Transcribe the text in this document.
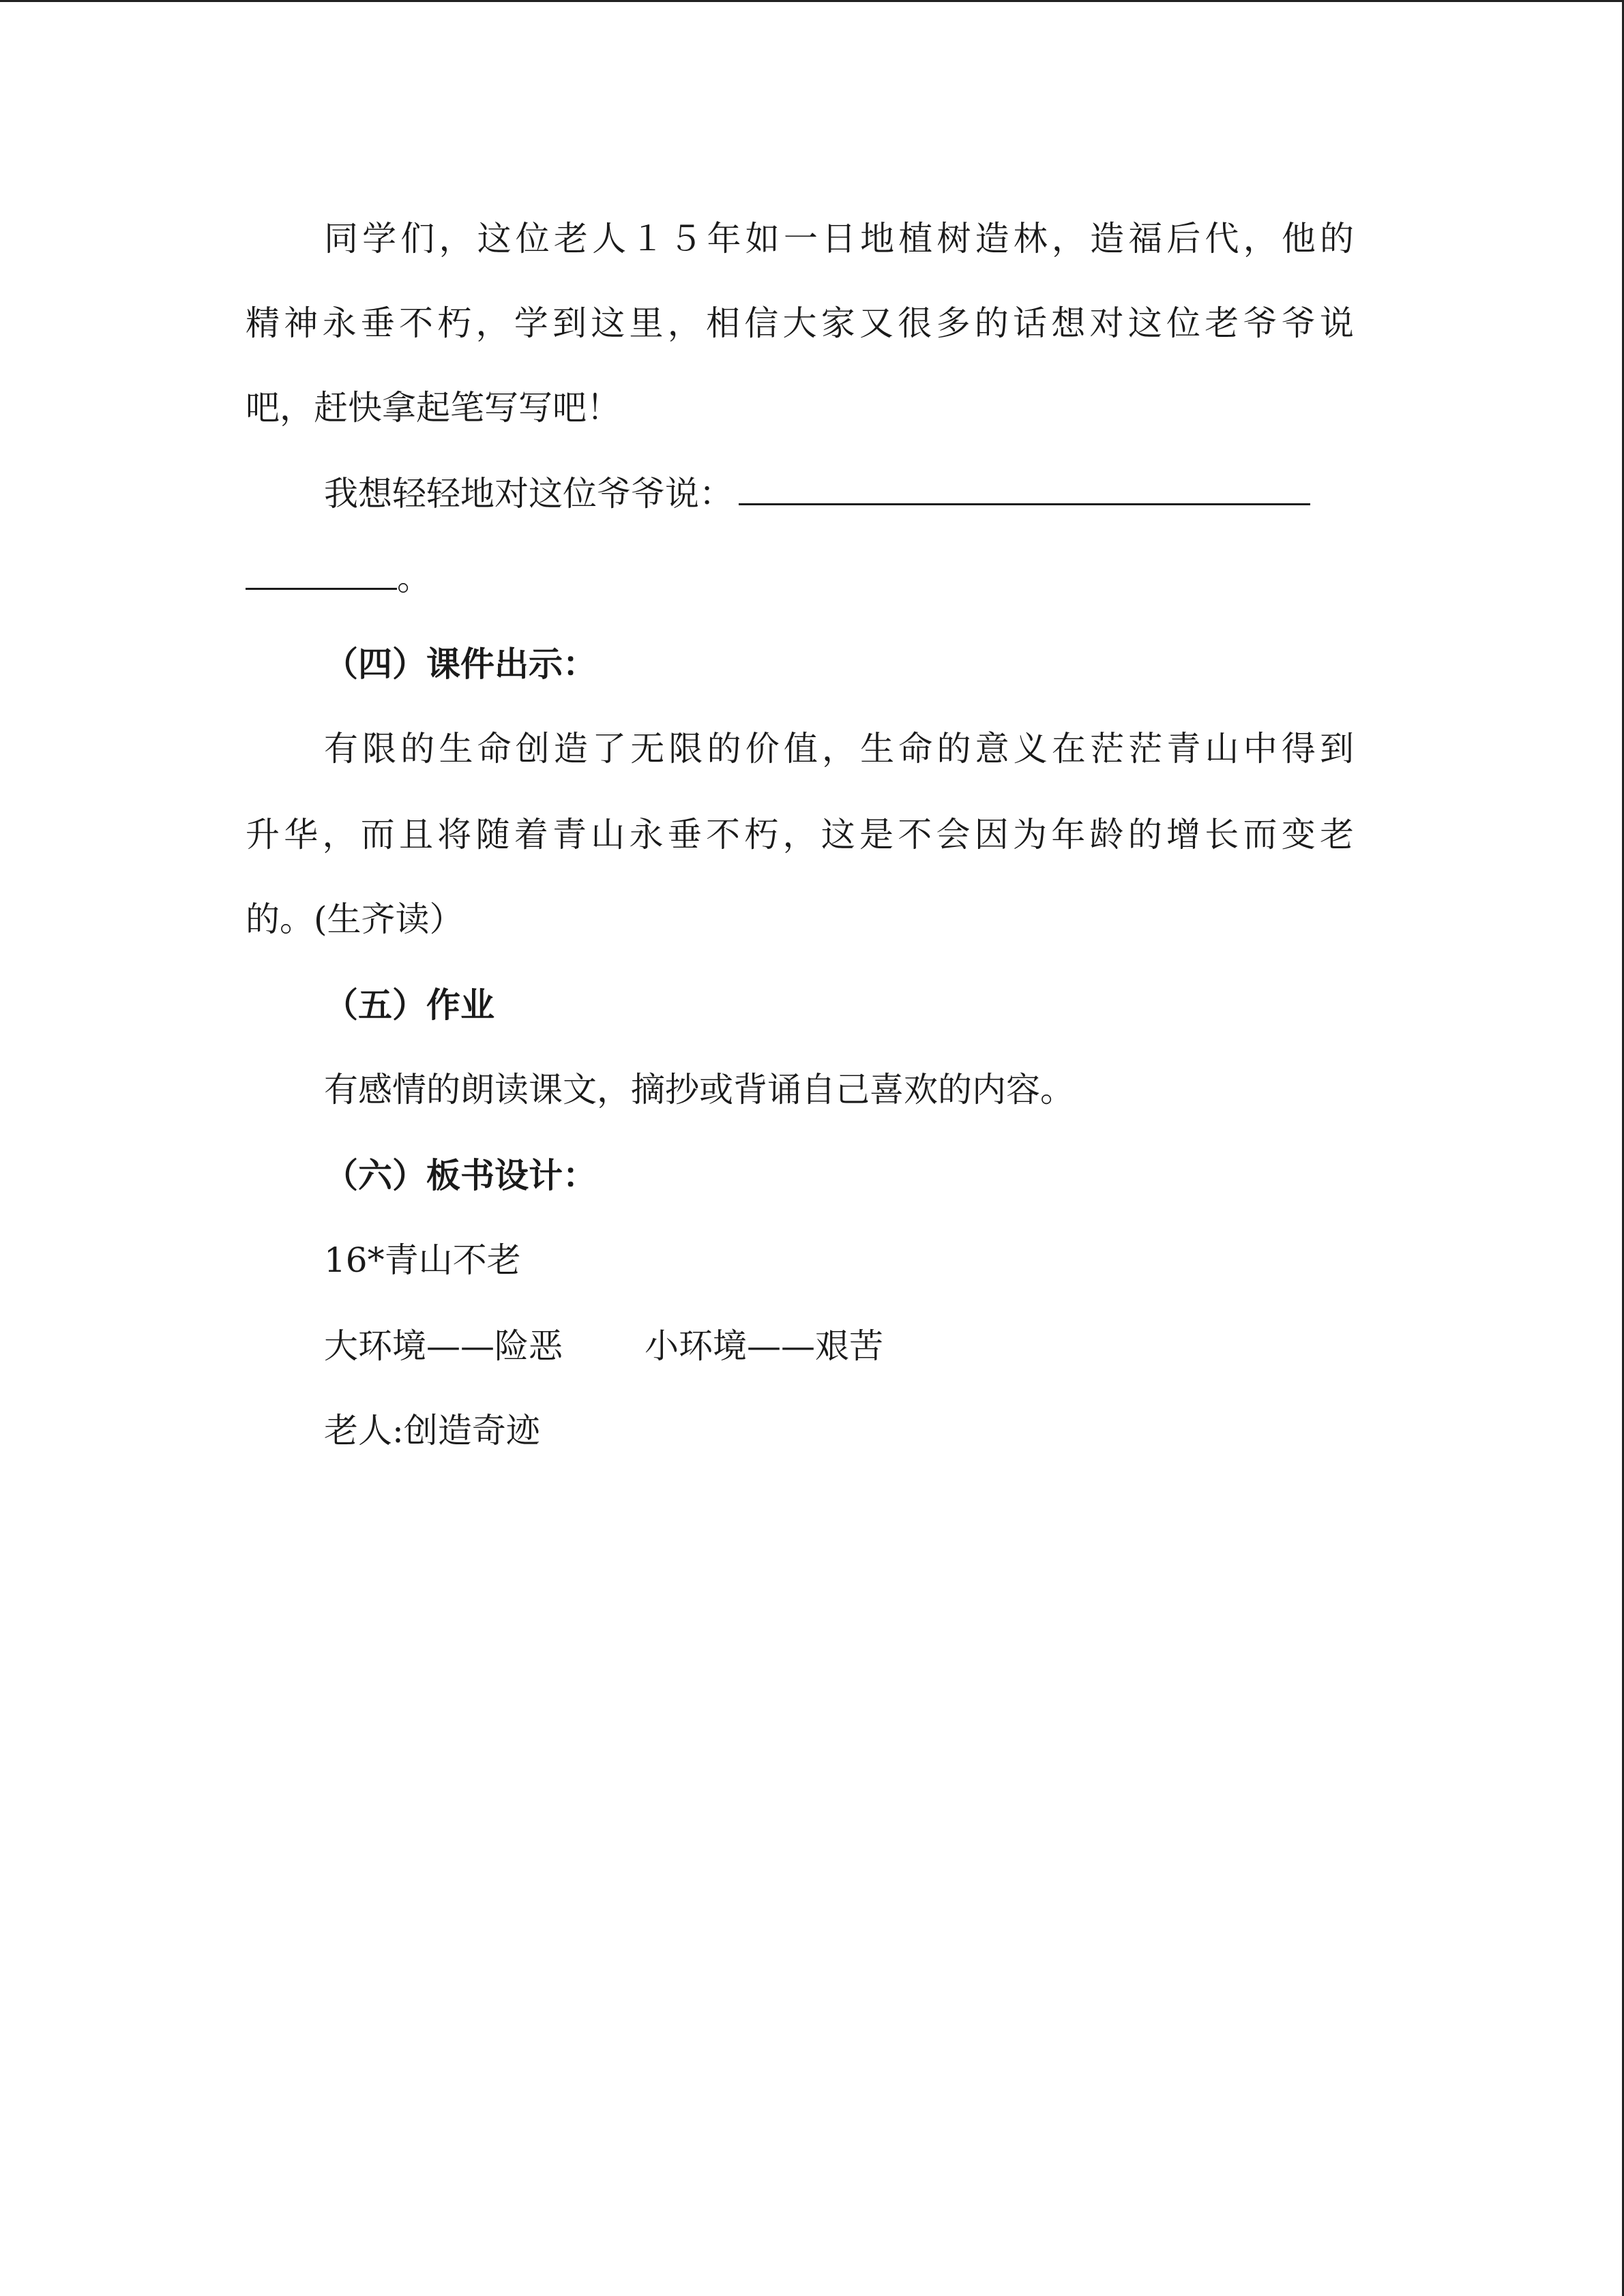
同学们，这位老人１５年如一日地植树造林，造福后代，他的
精神永垂不朽，学到这里，相信大家又很多的话想对这位老爷爷说
吧，赶快拿起笔写写吧！
我想轻轻地对这位爷爷说：
。
（四）课件出示：
有限的生命创造了无限的价值，生命的意义在茫茫青山中得到
升华，而且将随着青山永垂不朽，这是不会因为年龄的增长而变老
的。(生齐读）
（五）作业
有感情的朗读课文，摘抄或背诵自己喜欢的内容。
（六）板书设计：
16*青山不老
大环境——险恶 小环境——艰苦
老人:创造奇迹
